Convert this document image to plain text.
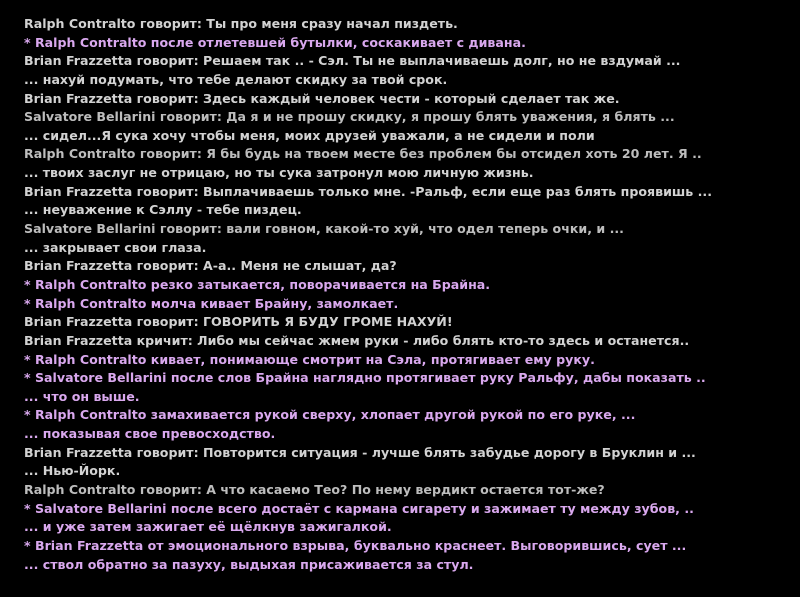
Ralph Contralto говорит: Ты про меня сразу начал пиздеть.
* Ralph Contralto после отлетевшей бутылки, соскакивает с дивана.
Brian Frazzetta говорит: Решаем так .. - Сэл. Ты не выплачиваешь долг, но не вздумай ...
... нахуй подумать, что тебе делают скидку за твой срок.
Brian Frazzetta говорит: Здесь каждый человек чести - который сделает так же.
Salvatore Bellarini говорит: Да я и не прошу скидку, я прошу блять уважения, я блять ...
... сидел...Я сука хочу чтобы меня, моих друзей уважали, а не сидели и поли
Ralph Contralto говорит: Я бы будь на твоем месте без проблем бы отсидел хоть 20 лет. Я ..
... твоих заслуг не отрицаю, но ты сука затронул мою личную жизнь.
Brian Frazzetta говорит: Выплачиваешь только мне. -Ральф, если еще раз блять проявишь ...
... неуважение к Сэллу - тебе пиздец.
Salvatore Bellarini говорит: вали говном, какой-то хуй, что одел теперь очки, и ...
... закрывает свои глаза.
Brian Frazzetta говорит: А-а.. Меня не слышат, да?
* Ralph Contralto резко затыкается, поворачивается на Брайна.
* Ralph Contralto молча кивает Брайну, замолкает.
Brian Frazzetta говорит: ГОВОРИТЬ Я БУДУ ГРОМЕ НАХУЙ!
Brian Frazzetta кричит: Либо мы сейчас жмем руки - либо блять кто-то здесь и останется..
* Ralph Contralto кивает, понимающе смотрит на Сэла, протягивает ему руку.
* Salvatore Bellarini после слов Брайна наглядно протягивает руку Ральфу, дабы показать ..
... что он выше.
* Ralph Contralto замахивается рукой сверху, хлопает другой рукой по его руке, ...
... показывая свое превосходство.
Brian Frazzetta говорит: Повторится ситуация - лучше блять забудье дорогу в Бруклин и ...
... Нью-Йорк.
Ralph Contralto говорит: А что касаемо Тео? По нему вердикт остается тот-же?
* Salvatore Bellarini после всего достаёт с кармана сигарету и зажимает ту между зубов, ..
... и уже затем зажигает её щёлкнув зажигалкой.
* Brian Frazzetta от эмоционального взрыва, буквально краснеет. Выговорившись, сует ...
... ствол обратно за пазуху, выдыхая присаживается за стул.
